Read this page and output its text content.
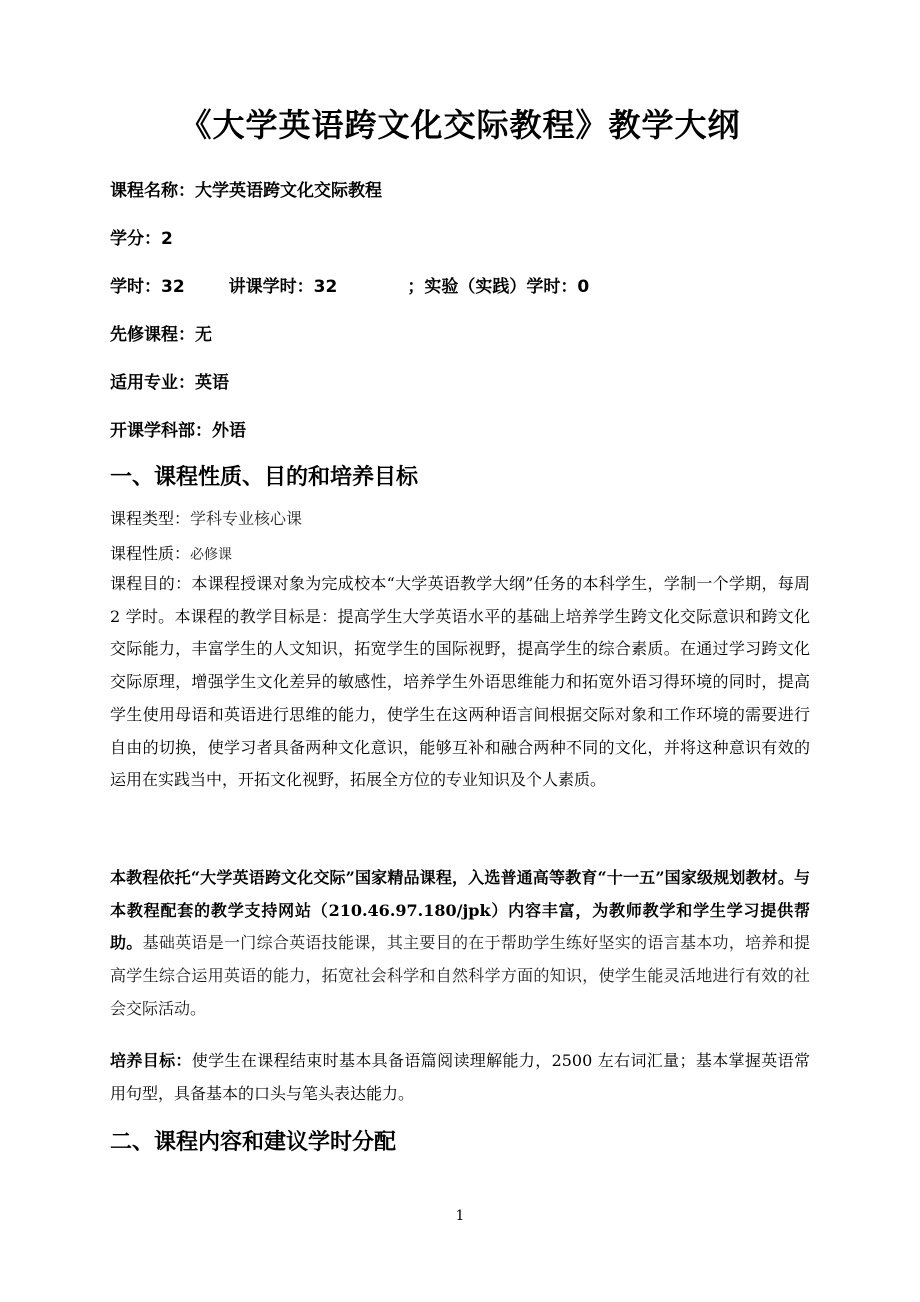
《大学英语跨文化交际教程》教学大纲
课程名称：大学英语跨文化交际教程
学分：2
学时：32	讲课学时：32	；实验（实践）学时：0
先修课程：无
适用专业：英语
开课学科部：外语
一、课程性质、目的和培养目标
课程类型：学科专业核心课
课程性质：必修课
课程目的：本课程授课对象为完成校本“大学英语教学大纲”任务的本科学生，学制一个学期，每周 2 学时。本课程的教学目标是：提高学生大学英语水平的基础上培养学生跨文化交际意识和跨文化交际能力，丰富学生的人文知识，拓宽学生的国际视野，提高学生的综合素质。在通过学习跨文化交际原理，增强学生文化差异的敏感性，培养学生外语思维能力和拓宽外语习得环境的同时，提高学生使用母语和英语进行思维的能力，使学生在这两种语言间根据交际对象和工作环境的需要进行自由的切换，使学习者具备两种文化意识，能够互补和融合两种不同的文化，并将这种意识有效的运用在实践当中，开拓文化视野，拓展全方位的专业知识及个人素质。
本教程依托“大学英语跨文化交际”国家精品课程，入选普通高等教育“十一五”国家级规划教材。与本教程配套的教学支持网站（210.46.97.180/jpk）内容丰富，为教师教学和学生学习提供帮助。基础英语是一门综合英语技能课，其主要目的在于帮助学生练好坚实的语言基本功，培养和提高学生综合运用英语的能力，拓宽社会科学和自然科学方面的知识，使学生能灵活地进行有效的社会交际活动。
培养目标：使学生在课程结束时基本具备语篇阅读理解能力，2500 左右词汇量；基本掌握英语常用句型，具备基本的口头与笔头表达能力。
二、课程内容和建议学时分配
1
